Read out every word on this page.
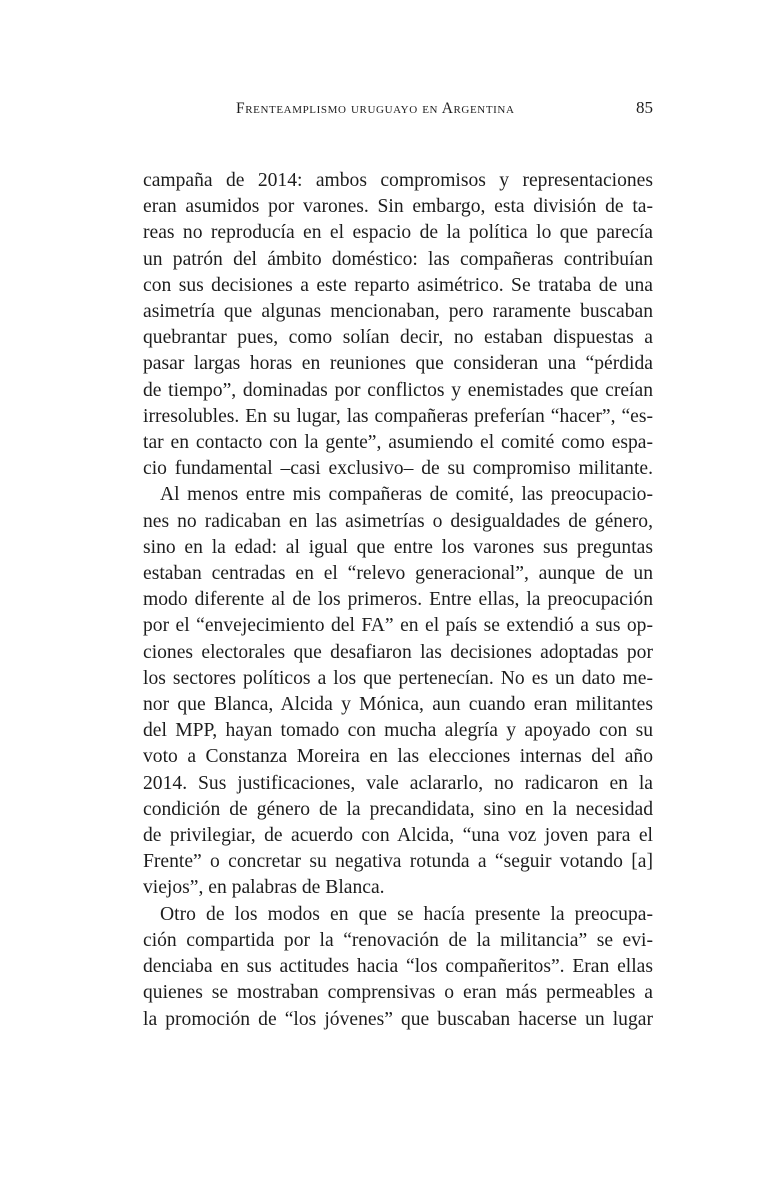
Frenteamplismo uruguayo en Argentina	85

campaña de 2014: ambos compromisos y representaciones
eran asumidos por varones. Sin embargo, esta división de ta-
reas no reproducía en el espacio de la política lo que parecía
un patrón del ámbito doméstico: las compañeras contribuían
con sus decisiones a este reparto asimétrico. Se trataba de una
asimetría que algunas mencionaban, pero raramente buscaban
quebrantar pues, como solían decir, no estaban dispuestas a
pasar largas horas en reuniones que consideran una “pérdida
de tiempo”, dominadas por conflictos y enemistades que creían
irresolubles. En su lugar, las compañeras preferían “hacer”, “es-
tar en contacto con la gente”, asumiendo el comité como espa-
cio fundamental –casi exclusivo– de su compromiso militante.

Al menos entre mis compañeras de comité, las preocupacio-
nes no radicaban en las asimetrías o desigualdades de género,
sino en la edad: al igual que entre los varones sus preguntas
estaban centradas en el “relevo generacional”, aunque de un
modo diferente al de los primeros. Entre ellas, la preocupación
por el “envejecimiento del FA” en el país se extendió a sus op-
ciones electorales que desafiaron las decisiones adoptadas por
los sectores políticos a los que pertenecían. No es un dato me-
nor que Blanca, Alcida y Mónica, aun cuando eran militantes
del MPP, hayan tomado con mucha alegría y apoyado con su
voto a Constanza Moreira en las elecciones internas del año
2014. Sus justificaciones, vale aclararlo, no radicaron en la
condición de género de la precandidata, sino en la necesidad
de privilegiar, de acuerdo con Alcida, “una voz joven para el
Frente” o concretar su negativa rotunda a “seguir votando [a]
viejos”, en palabras de Blanca.

Otro de los modos en que se hacía presente la preocupa-
ción compartida por la “renovación de la militancia” se evi-
denciaba en sus actitudes hacia “los compañeritos”. Eran ellas
quienes se mostraban comprensivas o eran más permeables a
la promoción de “los jóvenes” que buscaban hacerse un lugar
